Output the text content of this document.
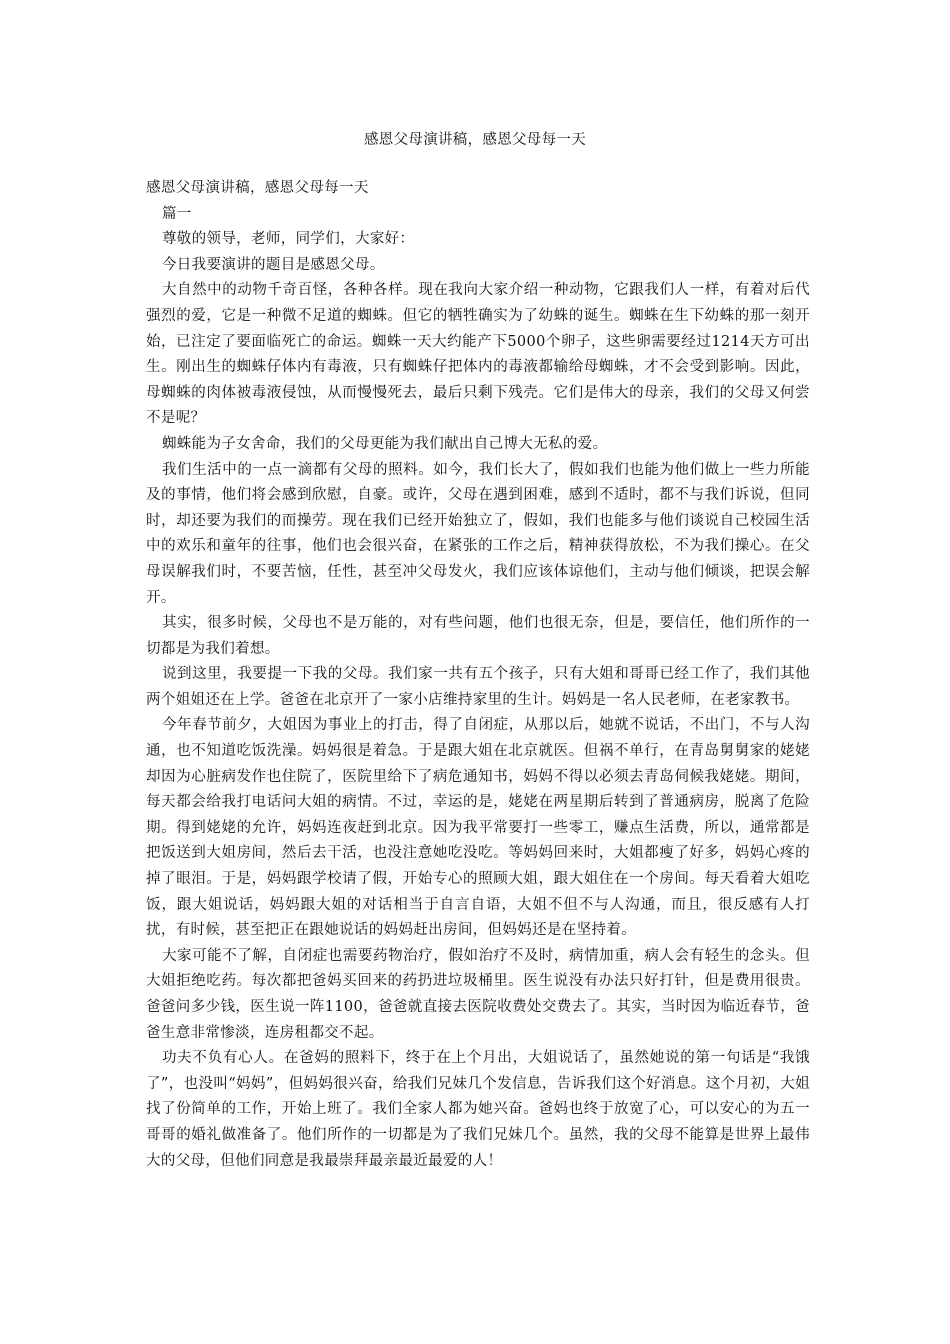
感恩父母演讲稿，感恩父母每一天

感恩父母演讲稿，感恩父母每一天

篇一

尊敬的领导，老师，同学们，大家好：

今日我要演讲的题目是感恩父母。

大自然中的动物千奇百怪，各种各样。现在我向大家介绍一种动物，它跟我们人一样，有着对后代强烈的爱，它是一种微不足道的蜘蛛。但它的牺牲确实为了幼蛛的诞生。蜘蛛在生下幼蛛的那一刻开始，已注定了要面临死亡的命运。蜘蛛一天大约能产下5000个卵子，这些卵需要经过1214天方可出生。刚出生的蜘蛛仔体内有毒液，只有蜘蛛仔把体内的毒液都输给母蜘蛛，才不会受到影响。因此，母蜘蛛的肉体被毒液侵蚀，从而慢慢死去，最后只剩下残壳。它们是伟大的母亲，我们的父母又何尝不是呢？

蜘蛛能为子女舍命，我们的父母更能为我们献出自己博大无私的爱。

我们生活中的一点一滴都有父母的照料。如今，我们长大了，假如我们也能为他们做上一些力所能及的事情，他们将会感到欣慰，自豪。或许，父母在遇到困难，感到不适时，都不与我们诉说，但同时，却还要为我们的而操劳。现在我们已经开始独立了，假如，我们也能多与他们谈说自己校园生活中的欢乐和童年的往事，他们也会很兴奋，在紧张的工作之后，精神获得放松，不为我们操心。在父母误解我们时，不要苦恼，任性，甚至冲父母发火，我们应该体谅他们，主动与他们倾谈，把误会解开。

其实，很多时候，父母也不是万能的，对有些问题，他们也很无奈，但是，要信任，他们所作的一切都是为我们着想。

说到这里，我要提一下我的父母。我们家一共有五个孩子，只有大姐和哥哥已经工作了，我们其他两个姐姐还在上学。爸爸在北京开了一家小店维持家里的生计。妈妈是一名人民老师，在老家教书。

今年春节前夕，大姐因为事业上的打击，得了自闭症，从那以后，她就不说话，不出门，不与人沟通，也不知道吃饭洗澡。妈妈很是着急。于是跟大姐在北京就医。但祸不单行，在青岛舅舅家的姥姥却因为心脏病发作也住院了，医院里给下了病危通知书，妈妈不得以必须去青岛伺候我姥姥。期间，每天都会给我打电话问大姐的病情。不过，幸运的是，姥姥在两星期后转到了普通病房，脱离了危险期。得到姥姥的允许，妈妈连夜赶到北京。因为我平常要打一些零工，赚点生活费，所以，通常都是把饭送到大姐房间，然后去干活，也没注意她吃没吃。等妈妈回来时，大姐都瘦了好多，妈妈心疼的掉了眼泪。于是，妈妈跟学校请了假，开始专心的照顾大姐，跟大姐住在一个房间。每天看着大姐吃饭，跟大姐说话，妈妈跟大姐的对话相当于自言自语，大姐不但不与人沟通，而且，很反感有人打扰，有时候，甚至把正在跟她说话的妈妈赶出房间，但妈妈还是在坚持着。

大家可能不了解，自闭症也需要药物治疗，假如治疗不及时，病情加重，病人会有轻生的念头。但大姐拒绝吃药。每次都把爸妈买回来的药扔进垃圾桶里。医生说没有办法只好打针，但是费用很贵。爸爸问多少钱，医生说一阵1100，爸爸就直接去医院收费处交费去了。其实，当时因为临近春节，爸爸生意非常惨淡，连房租都交不起。

功夫不负有心人。在爸妈的照料下，终于在上个月出，大姐说话了，虽然她说的第一句话是“我饿了”，也没叫“妈妈”，但妈妈很兴奋，给我们兄妹几个发信息，告诉我们这个好消息。这个月初，大姐找了份简单的工作，开始上班了。我们全家人都为她兴奋。爸妈也终于放宽了心，可以安心的为五一哥哥的婚礼做准备了。他们所作的一切都是为了我们兄妹几个。虽然，我的父母不能算是世界上最伟大的父母，但他们同意是我最崇拜最亲最近最爱的人！
